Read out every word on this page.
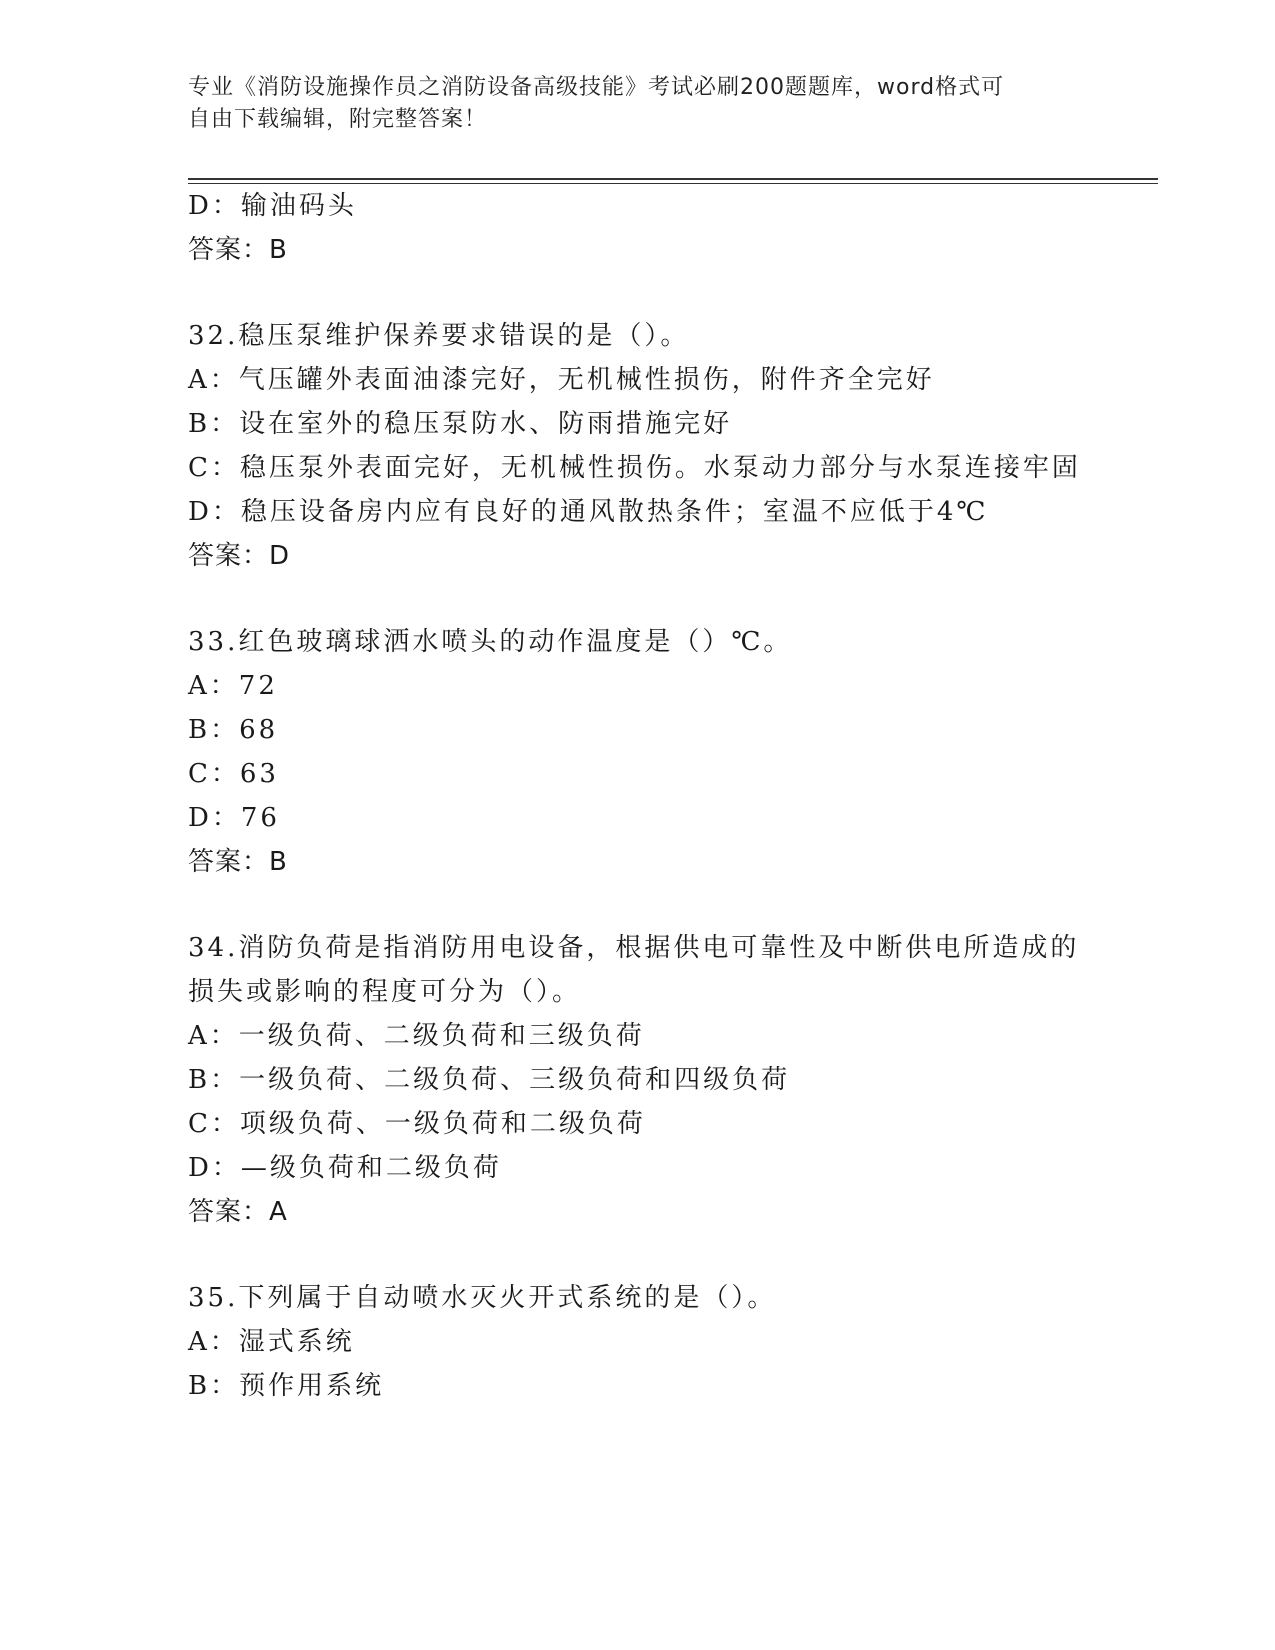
专业《消防设施操作员之消防设备高级技能》考试必刷200题题库，word格式可
自由下载编辑，附完整答案！
D：输油码头
答案：B
32.稳压泵维护保养要求错误的是（）。
A：气压罐外表面油漆完好，无机械性损伤，附件齐全完好
B：设在室外的稳压泵防水、防雨措施完好
C：稳压泵外表面完好，无机械性损伤。水泵动力部分与水泵连接牢固
D：稳压设备房内应有良好的通风散热条件；室温不应低于4℃
答案：D
33.红色玻璃球洒水喷头的动作温度是（）℃。
A：72
B：68
C：63
D：76
答案：B
34.消防负荷是指消防用电设备，根据供电可靠性及中断供电所造成的
损失或影响的程度可分为（）。
A：一级负荷、二级负荷和三级负荷
B：一级负荷、二级负荷、三级负荷和四级负荷
C：项级负荷、一级负荷和二级负荷
D：—级负荷和二级负荷
答案：A
35.下列属于自动喷水灭火开式系统的是（）。
A：湿式系统
B：预作用系统
